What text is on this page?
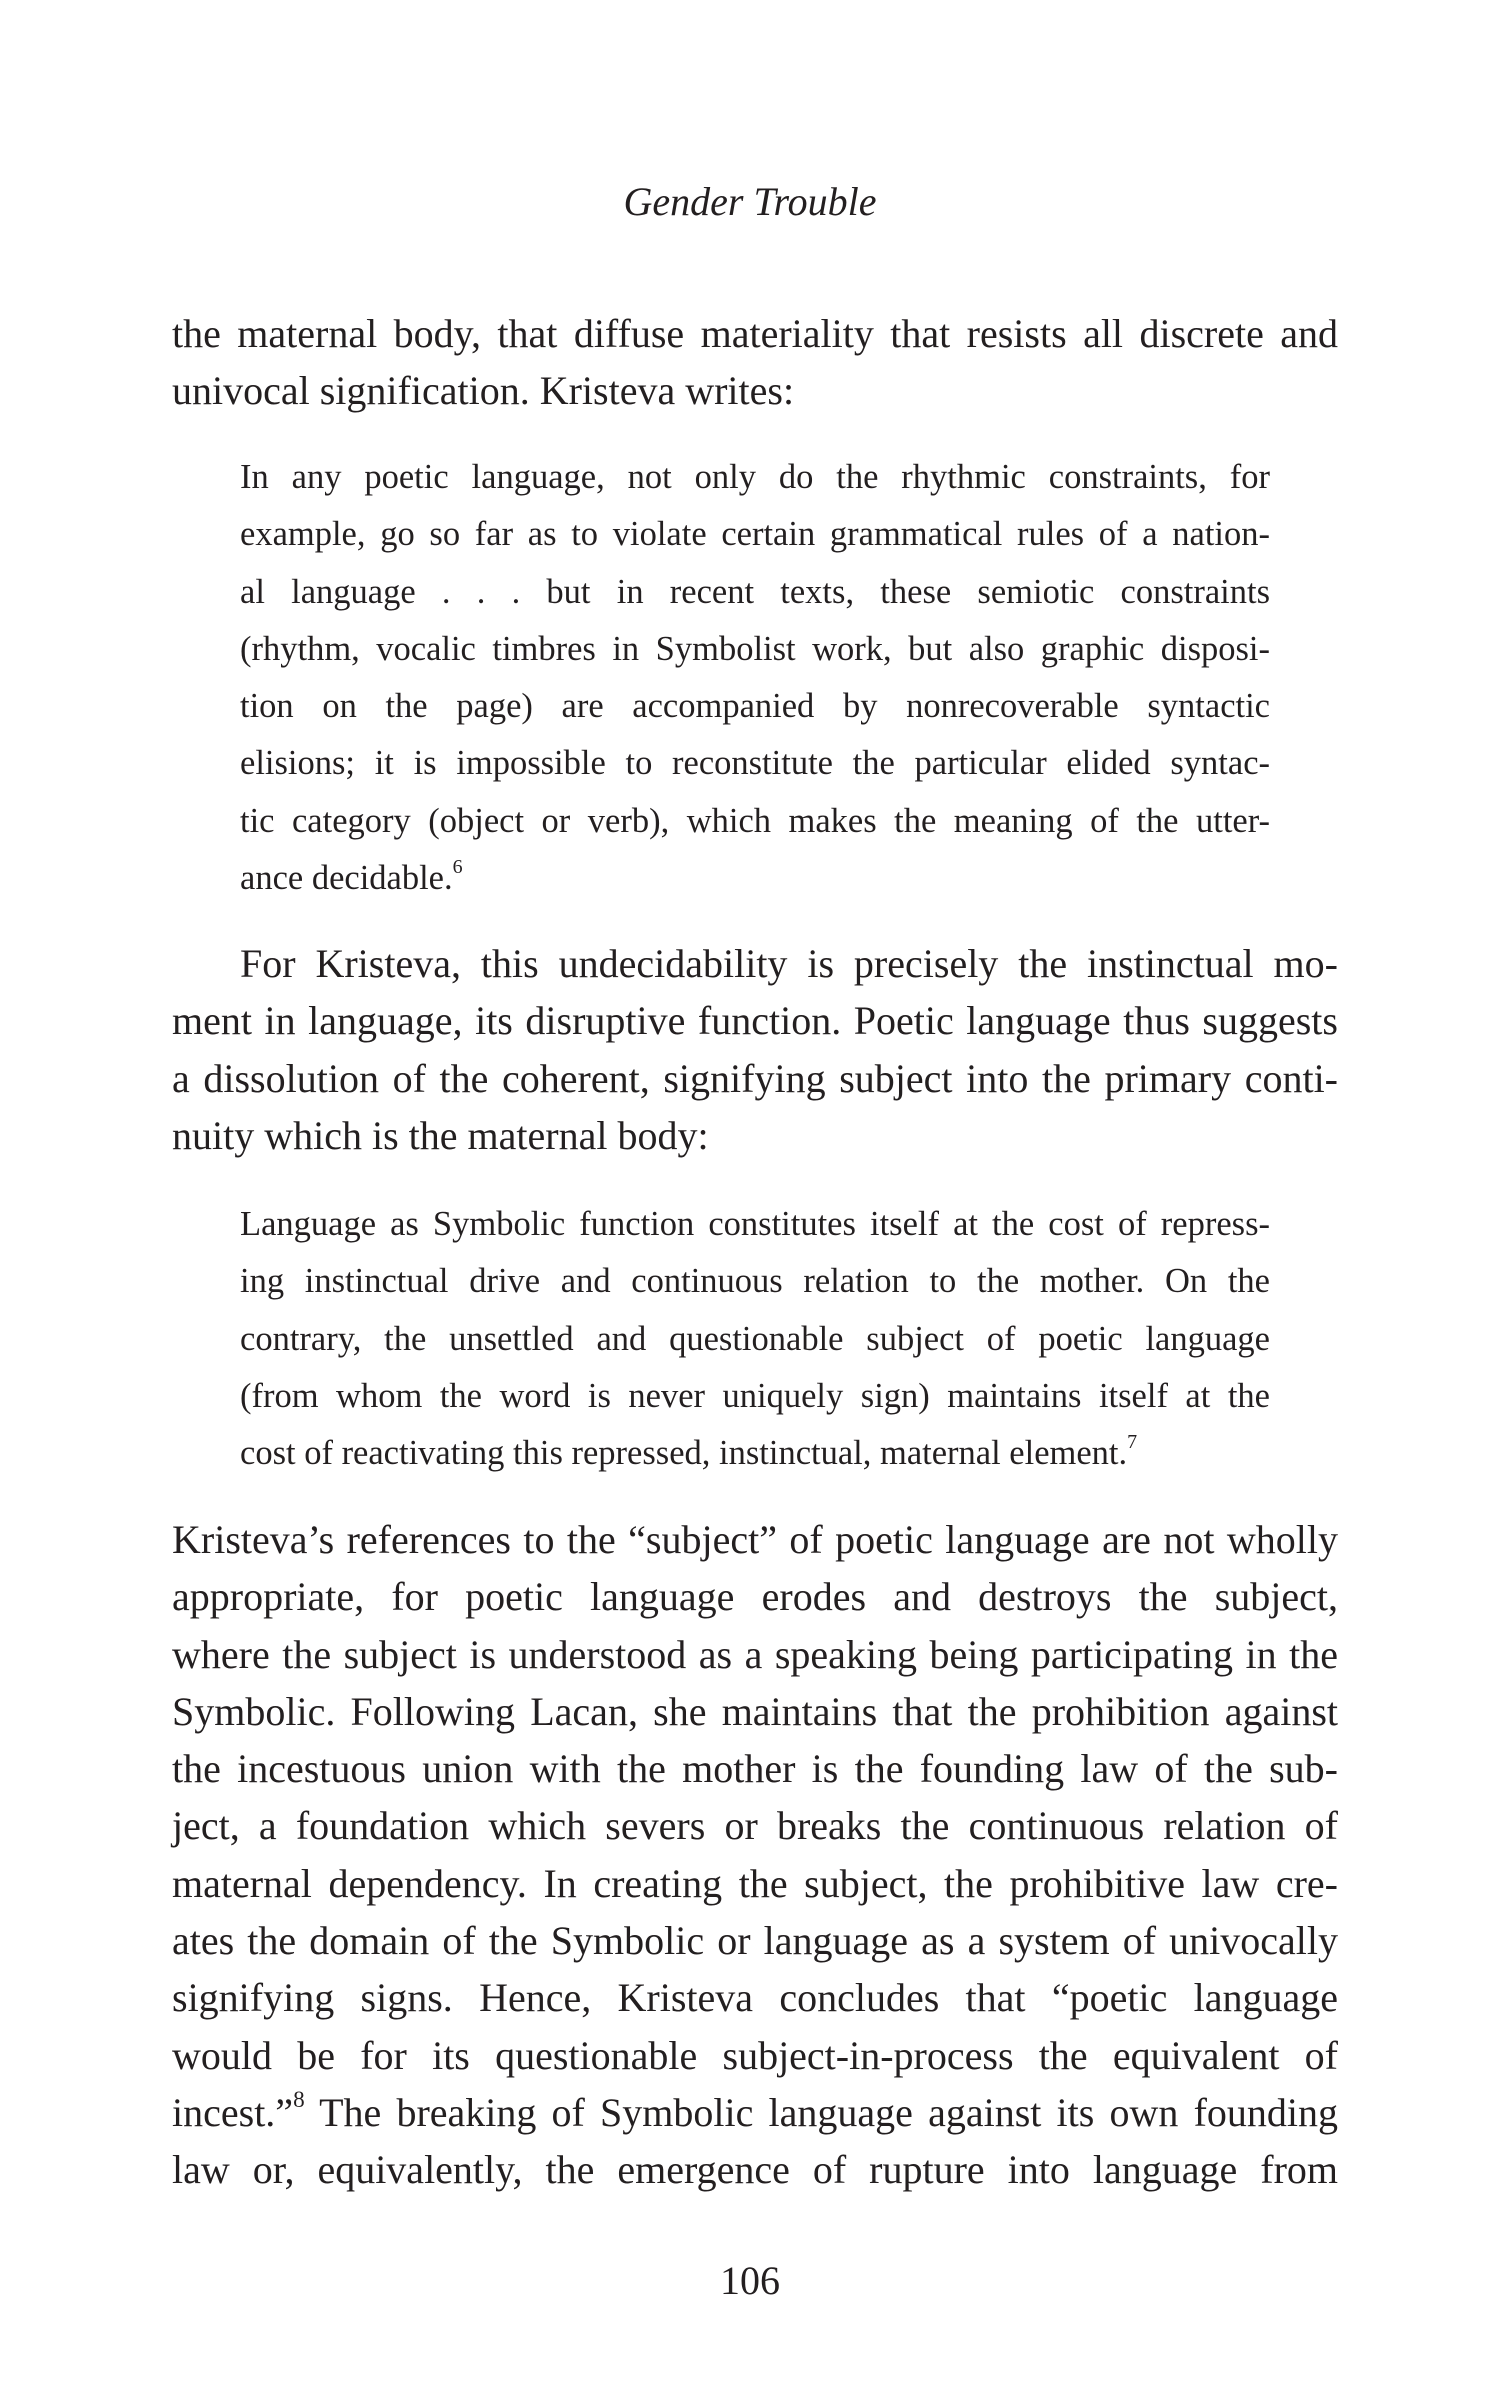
Gender Trouble
the maternal body, that diffuse materiality that resists all discrete and
univocal signification. Kristeva writes:
In any poetic language, not only do the rhythmic constraints, for
example, go so far as to violate certain grammatical rules of a nation-
al language . . . but in recent texts, these semiotic constraints
(rhythm, vocalic timbres in Symbolist work, but also graphic disposi-
tion on the page) are accompanied by nonrecoverable syntactic
elisions; it is impossible to reconstitute the particular elided syntac-
tic category (object or verb), which makes the meaning of the utter-
ance decidable.$^6$
For Kristeva, this undecidability is precisely the instinctual mo-
ment in language, its disruptive function. Poetic language thus suggests
a dissolution of the coherent, signifying subject into the primary conti-
nuity which is the maternal body:
Language as Symbolic function constitutes itself at the cost of repress-
ing instinctual drive and continuous relation to the mother. On the
contrary, the unsettled and questionable subject of poetic language
(from whom the word is never uniquely sign) maintains itself at the
cost of reactivating this repressed, instinctual, maternal element.$^7$
Kristeva’s references to the “subject” of poetic language are not wholly
appropriate, for poetic language erodes and destroys the subject,
where the subject is understood as a speaking being participating in the
Symbolic. Following Lacan, she maintains that the prohibition against
the incestuous union with the mother is the founding law of the sub-
ject, a foundation which severs or breaks the continuous relation of
maternal dependency. In creating the subject, the prohibitive law cre-
ates the domain of the Symbolic or language as a system of univocally
signifying signs. Hence, Kristeva concludes that “poetic language
would be for its questionable subject-in-process the equivalent of
incest.”$^8$ The breaking of Symbolic language against its own founding
law or, equivalently, the emergence of rupture into language from
106
